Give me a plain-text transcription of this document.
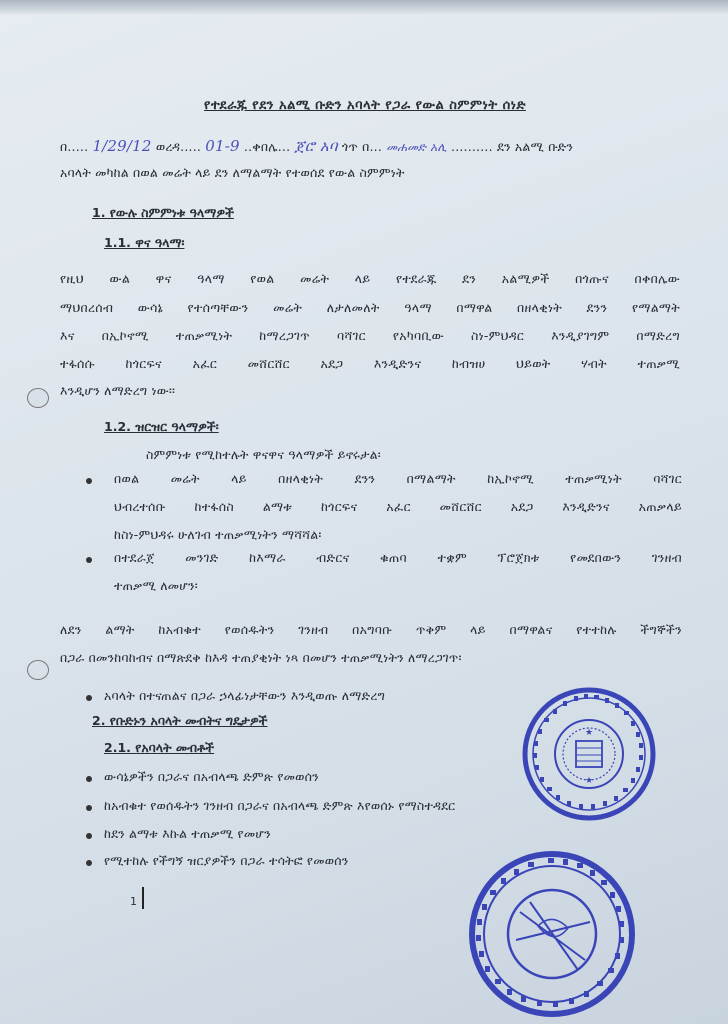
የተደራጁ የደን አልሚ ቡድን አባላት የጋራ የውል ስምምነት ሰነድ
በ..... 1/29/12 ወረዳ..... 01-9 ..ቀበሌ... ጀሮ አባ ጎጥ በ... መሐመድ አሊ .......... ደን አልሚ ቡድን
አባላት መካከል በወል መሬት ላይ ደን ለማልማት የተወሰደ የውል ስምምነት
1. የውሉ ስምምነቱ ዓላማዎች
1.1. ዋና ዓላማ፡
የዚህ ውል ዋና ዓላማ የወል መሬት ላይ የተደራጁ ደን አልሚዎች በጎጡና በቀበሌው
ማህበረሰብ ውሳኔ የተሰጣቸውን መሬት ለታለመለት ዓላማ በማዋል በዘላቂነት ደንን የማልማት
እና በኢኮኖሚ ተጠቃሚነት ከማረጋገጥ ባሻገር የአካባቢው ስነ-ምህዳር እንዲያገግም በማድረግ
ተፋሰሱ ከጎርፍና አፈር መሸርሸር አደጋ እንዲድንና ከብዝሀ ህይወት ሃብት ተጠቃሚ
እንዲሆን ለማድረግ ነው፡፡
1.2. ዝርዝር ዓላማዎች፡
ስምምነቱ የሚከተሉት ዋናዋና ዓላማዎች ይኖሩታል፡
በወል መሬት ላይ በዘላቂነት ደንን በማልማት ከኢኮኖሚ ተጠቃሚነት ባሻገር
ህብረተሰቡ ከተፋሰስ ልማቱ ከጎርፍና አፈር መሸርሸር አደጋ እንዲድንና አጠቃላይ
ከስነ-ምህዳሩ ሁለገብ ተጠቃሚነትን ማሻሻል፡
በተደራጀ መንገድ ከእማራ ብድርና ቁጠባ ተቋም ፕሮጀክቱ የመደበውን ገንዘብ
ተጠቃሚ ለመሆን፡
ለደን ልማት ከአብቁተ የወሰዱትን ገንዘብ በአግባቡ ጥቅም ላይ በማዋልና የተተከሉ ችግኞችን
በጋራ በመንከባከብና በማጽደቅ ከእዳ ተጠያቂነት ነጻ በመሆን ተጠቃሚነትን ለማረጋገጥ፡
አባላት በተናጠልና በጋራ ኃላፊነታቸውን እንዲወጡ ለማድረግ
2. የቡድኑን አባላት መብትና ግዴታዎች
2.1. የአባላት መብቶች
ውሳኔዎችን በጋራና በአብላጫ ድምጽ የመወሰን
ከአብቁተ የወሰዱትን ገንዘብ በጋራና በአብላጫ ድምጽ እየወሰኑ የማስተዳደር
ከደን ልማቱ እኩል ተጠቃሚ የመሆን
የሚተከሉ የችግኝ ዝርያዎችን በጋራ ተሳትፎ የመወሰን
1
★
★
